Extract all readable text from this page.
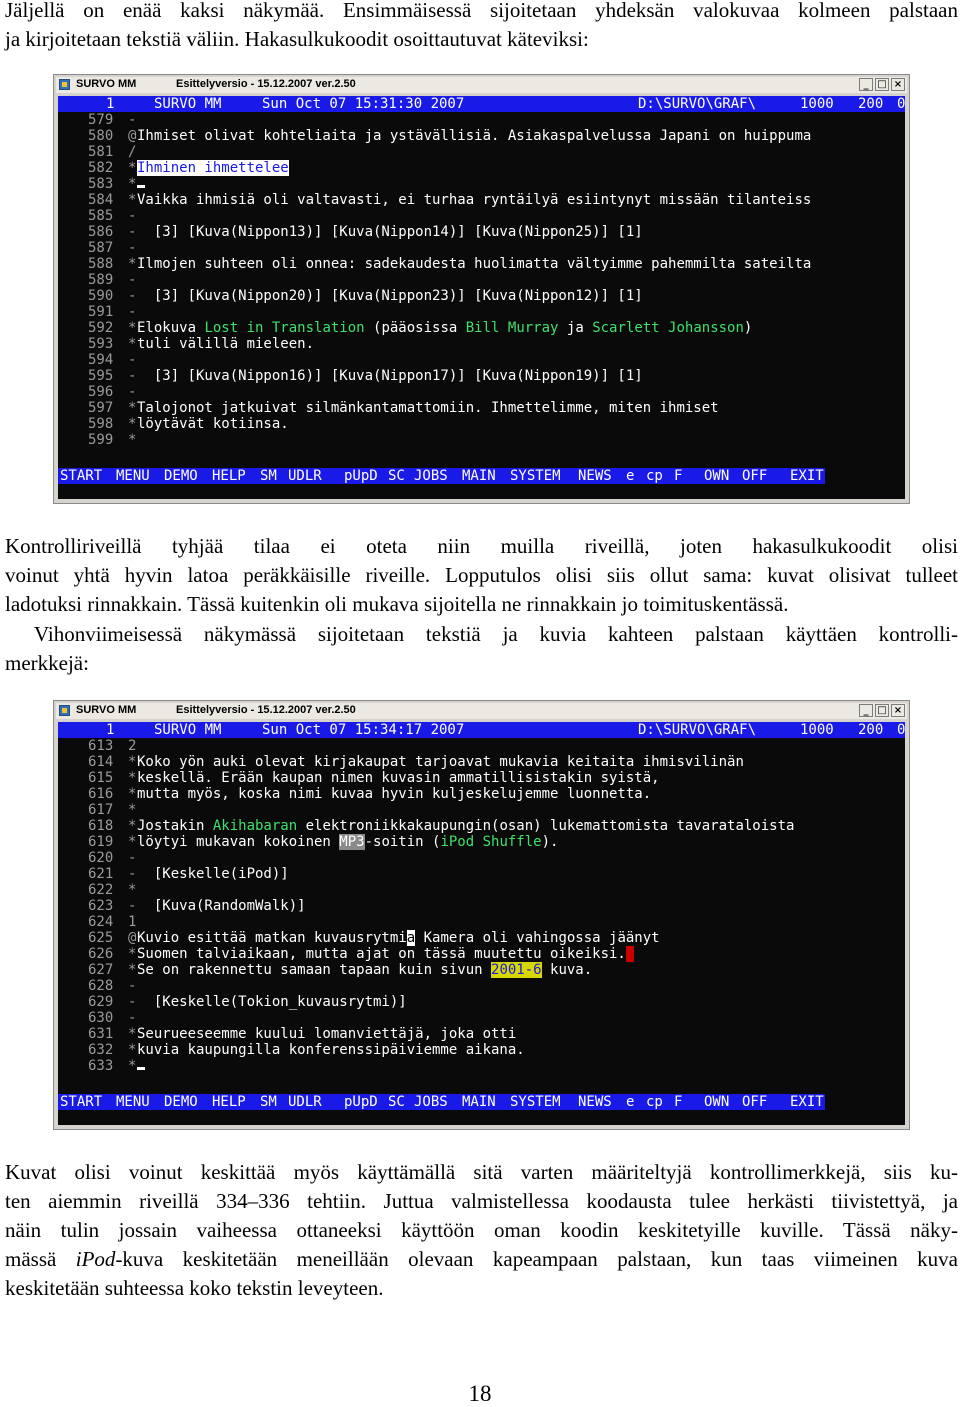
Jäljellä on enää kaksi näkymää. Ensimmäisessä sijoitetaan yhdeksän valokuvaa kolmeen palstaan
ja kirjoitetaan tekstiä väliin. Hakasulkukoodit osoittautuvat käteviksi:
SURVO MM	Esittelyversio - 15.12.2007 ver.2.50	_ □ ×

1

	SURVO MM

	Sun Oct 07 15:31:30 2007

	D:\SURVO\GRAF\

	1000

200

0

579 -
580 @ Ihmiset olivat kohteliaita ja ystävällisiä. Asiakaspalvelussa Japani on huippuma
581 /
582 * Ihminen ihmettelee
583 *
584 * Vaikka ihmisiä oli valtavasti, ei turhaa ryntäilyä esiintynyt missään tilanteiss
585 -
586 - [3] [Kuva(Nippon13)] [Kuva(Nippon14)] [Kuva(Nippon25)] [1]
587 -
588 * Ilmojen suhteen oli onnea: sadekaudesta huolimatta vältyimme pahemmilta sateilta
589 -
590 - [3] [Kuva(Nippon20)] [Kuva(Nippon23)] [Kuva(Nippon12)] [1]
591 -
592 * Elokuva Lost in Translation (pääosissa Bill Murray ja Scarlett Johansson)
593 * tuli välillä mieleen.
594 -
595 - [3] [Kuva(Nippon16)] [Kuva(Nippon17)] [Kuva(Nippon19)] [1]
596 -
597 * Talojonot jatkuivat silmänkantamattomiin. Ihmettelimme, miten ihmiset
598 * löytävät kotiinsa.
599 *
START MENU DEMO HELP SM UDLR pUpD SC JOBS MAIN SYSTEM NEWS e cp F OWN OFF EXIT
Kontrolliriveillä tyhjää tilaa ei oteta niin muilla riveillä, joten hakasulkukoodit olisi
voinut yhtä hyvin latoa peräkkäisille riveille. Lopputulos olisi siis ollut sama: kuvat olisivat tulleet
ladotuksi rinnakkain. Tässä kuitenkin oli mukava sijoitella ne rinnakkain jo toimituskentässä.
Vihonviimeisessä näkymässä sijoitetaan tekstiä ja kuvia kahteen palstaan käyttäen kontrolli-
merkkejä:
SURVO MM	Esittelyversio - 15.12.2007 ver.2.50	_ □ ×

1

	SURVO MM

	Sun Oct 07 15:34:17 2007

	D:\SURVO\GRAF\

	1000

200

0

613 2
614 * Koko yön auki olevat kirjakaupat tarjoavat mukavia keitaita ihmisvilinän
615 * keskellä. Erään kaupan nimen kuvasin ammatillisistakin syistä,
616 * mutta myös, koska nimi kuvaa hyvin kuljeskelujemme luonnetta.
617 *
618 * Jostakin Akihabaran elektroniikkakaupungin(osan) lukemattomista tavarataloista
619 * löytyi mukavan kokoinen MP3-soitin (iPod Shuffle).
620 -
621 - [Keskelle(iPod)]
622 *
623 - [Kuva(RandomWalk)]
624 1
625 @ Kuvio esittää matkan kuvausrytmia Kamera oli vahingossa jäänyt
626 * Suomen talviaikaan, mutta ajat on tässä muutettu oikeiksi.
627 * Se on rakennettu samaan tapaan kuin sivun 2001-6 kuva.
628 -
629 - [Keskelle(Tokion_kuvausrytmi)]
630 -
631 * Seurueeseemme kuului lomanviettäjä, joka otti
632 * kuvia kaupungilla konferenssipäiviemme aikana.
633 *
START MENU DEMO HELP SM UDLR pUpD SC JOBS MAIN SYSTEM NEWS e cp F OWN OFF EXIT
Kuvat olisi voinut keskittää myös käyttämällä sitä varten määriteltyjä kontrollimerkkejä, siis ku-
ten aiemmin riveillä 334–336 tehtiin. Juttua valmistellessa koodausta tulee herkästi tiivistettyä, ja
näin tulin jossain vaiheessa ottaneeksi käyttöön oman koodin keskitetyille kuville. Tässä näky-
mässä iPod-kuva keskitetään meneillään olevaan kapeampaan palstaan, kun taas viimeinen kuva
keskitetään suhteessa koko tekstin leveyteen.
18
